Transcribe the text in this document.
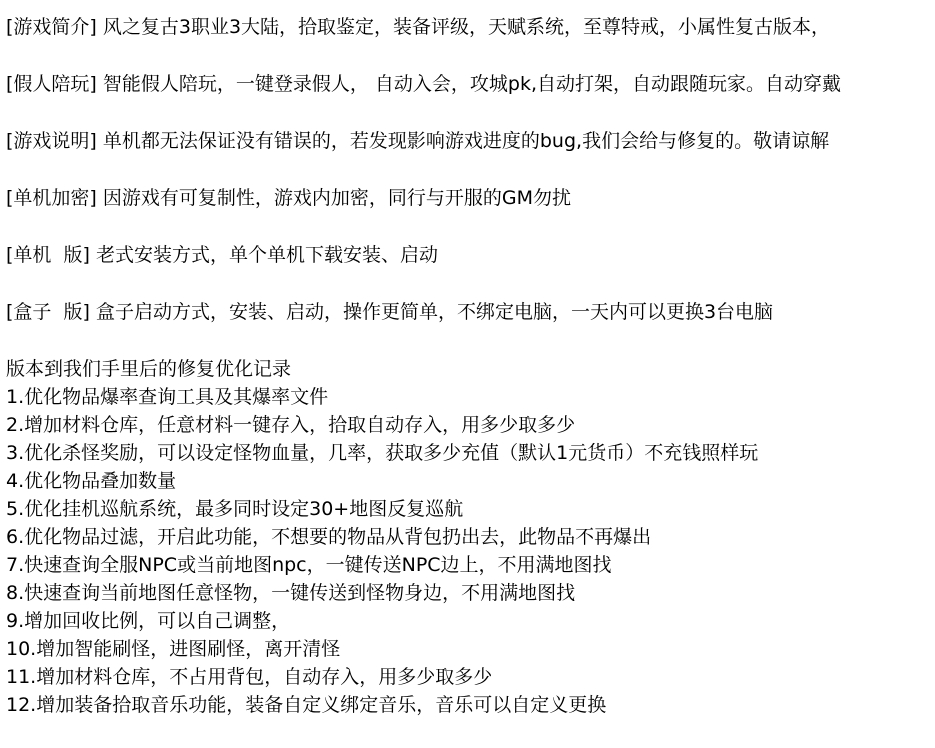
[游戏简介] 风之复古3职业3大陆，拾取鉴定，装备评级，天赋系统，至尊特戒，小属性复古版本，
[假人陪玩] 智能假人陪玩，一键登录假人， 自动入会，攻城pk,自动打架，自动跟随玩家。自动穿戴
[游戏说明] 单机都无法保证没有错误的，若发现影响游戏进度的bug,我们会给与修复的。敬请谅解
[单机加密] 因游戏有可复制性，游戏内加密，同行与开服的GM勿扰
[单机  版] 老式安装方式，单个单机下载安装、启动
[盒子  版] 盒子启动方式，安装、启动，操作更简单，不绑定电脑，一天内可以更换3台电脑
版本到我们手里后的修复优化记录
1.优化物品爆率查询工具及其爆率文件
2.增加材料仓库，任意材料一键存入，拾取自动存入，用多少取多少
3.优化杀怪奖励，可以设定怪物血量，几率，获取多少充值（默认1元货币）不充钱照样玩
4.优化物品叠加数量
5.优化挂机巡航系统，最多同时设定30+地图反复巡航
6.优化物品过滤，开启此功能，不想要的物品从背包扔出去，此物品不再爆出
7.快速查询全服NPC或当前地图npc，一键传送NPC边上，不用满地图找
8.快速查询当前地图任意怪物，一键传送到怪物身边，不用满地图找
9.增加回收比例，可以自己调整，
10.增加智能刷怪，进图刷怪，离开清怪
11.增加材料仓库，不占用背包，自动存入，用多少取多少
12.增加装备拾取音乐功能，装备自定义绑定音乐，音乐可以自定义更换
